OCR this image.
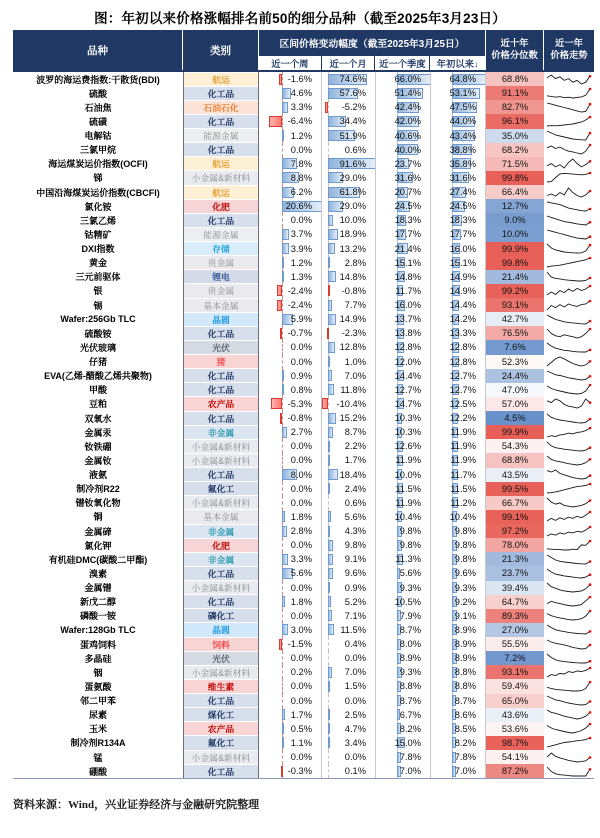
图：年初以来价格涨幅排名前50的细分品种（截至2025年3月23日）
品种	类别	区间价格变动幅度（截至2025年3月25日）
近一个周	近一个月	近一个季度	年初以来↓
近十年
价格分位数
近一年
价格走势
波罗的海运费指数:干散货(BDI)	航运	-1.6%	74.6%	66.0%	64.8%	68.8%
硫酸	化工品	4.6%	57.6%	51.4%	53.1%	91.1%
石油焦	石油石化	3.3%	-5.2%	42.4%	47.5%	82.7%
硫磺	化工品	-6.4%	34.4%	42.0%	44.0%	96.1%
电解钴	能源金属	1.2%	51.9%	40.6%	43.4%	35.0%
三氯甲烷	化工品	0.0%	0.6%	40.0%	38.8%	68.2%
海运煤炭运价指数(OCFI)	航运	7.8%	91.6%	23.7%	35.8%	71.5%
锑	小金属&新材料	8.8%	29.0%	31.6%	31.6%	99.8%
中国沿海煤炭运价指数(CBCFI)	航运	6.2%	61.8%	20.7%	27.4%	66.4%
氯化铵	化肥	20.6%	29.0%	24.5%	24.5%	12.7%
三氯乙烯	化工品	0.0%	10.0%	18.3%	18.3%	9.0%
钴精矿	能源金属	3.7%	18.9%	17.7%	17.7%	10.0%
DXI指数	存储	3.9%	13.2%	21.4%	16.0%	99.9%
黄金	贵金属	1.2%	2.8%	15.1%	15.1%	99.8%
三元前驱体	锂电	1.3%	14.8%	14.8%	14.9%	21.4%
银	贵金属	-2.4%	-0.8%	11.7%	14.9%	99.2%
锡	基本金属	-2.4%	7.7%	16.0%	14.4%	93.1%
Wafer:256Gb TLC	晶圆	5.9%	14.9%	13.7%	14.2%	42.7%
硫酸铵	化工品	-0.7%	-2.3%	13.8%	13.3%	76.5%
光伏玻璃	光伏	0.0%	12.8%	12.8%	12.8%	7.6%
仔猪	猪	0.0%	1.0%	12.0%	12.8%	52.3%
EVA(乙烯-醋酸乙烯共聚物)	化工品	0.9%	7.0%	14.4%	12.7%	24.4%
甲酸	化工品	0.8%	11.8%	12.7%	12.7%	47.0%
豆粕	农产品	-5.3%	-10.4%	14.7%	12.5%	57.0%
双氧水	化工品	-0.8%	15.2%	10.3%	12.2%	4.5%
金属汞	非金属	2.7%	8.7%	10.3%	11.9%	99.9%
钕铁硼	小金属&新材料	0.0%	2.2%	12.6%	11.9%	54.3%
金属钕	小金属&新材料	0.0%	1.7%	11.9%	11.9%	68.8%
液氨	化工品	8.0%	18.4%	10.0%	11.7%	43.5%
制冷剂R22	氟化工	0.0%	2.4%	11.5%	11.5%	99.5%
镨钕氧化物	小金属&新材料	0.0%	0.6%	11.9%	11.2%	66.7%
铜	基本金属	1.8%	5.6%	10.4%	10.4%	99.1%
金属碲	非金属	2.8%	4.3%	9.8%	9.8%	97.2%
氯化钾	化肥	0.0%	9.8%	9.8%	9.8%	78.0%
有机硅DMC(碳酸二甲酯)	非金属	3.3%	9.1%	11.3%	9.8%	21.3%
溴素	化工品	5.6%	9.6%	5.6%	9.6%	23.7%
金属镨	小金属&新材料	0.0%	0.9%	9.3%	9.3%	39.4%
新戊二醇	化工品	1.8%	5.2%	10.5%	9.2%	64.7%
磷酸一铵	磷化工	0.0%	7.1%	7.9%	9.1%	89.3%
Wafer:128Gb TLC	晶圆	3.0%	11.5%	8.7%	8.9%	27.0%
蛋鸡饲料	饲料	-1.5%	0.4%	8.0%	8.9%	55.5%
多晶硅	光伏	0.0%	0.0%	8.9%	8.9%	7.2%
铟	小金属&新材料	0.2%	7.0%	9.3%	8.8%	93.1%
蛋氨酸	维生素	0.0%	1.5%	8.8%	8.8%	59.4%
邻二甲苯	化工品	0.0%	0.0%	8.7%	8.7%	65.0%
尿素	煤化工	1.7%	2.5%	6.7%	8.6%	43.6%
玉米	农产品	0.5%	4.7%	8.2%	8.5%	53.6%
制冷剂R134A	氟化工	1.1%	3.4%	15.0%	8.2%	98.7%
锰	小金属&新材料	0.0%	0.0%	7.8%	7.8%	54.1%
硼酸	化工品	-0.3%	0.1%	7.0%	7.0%	87.2%
资料来源：Wind，兴业证券经济与金融研究院整理
